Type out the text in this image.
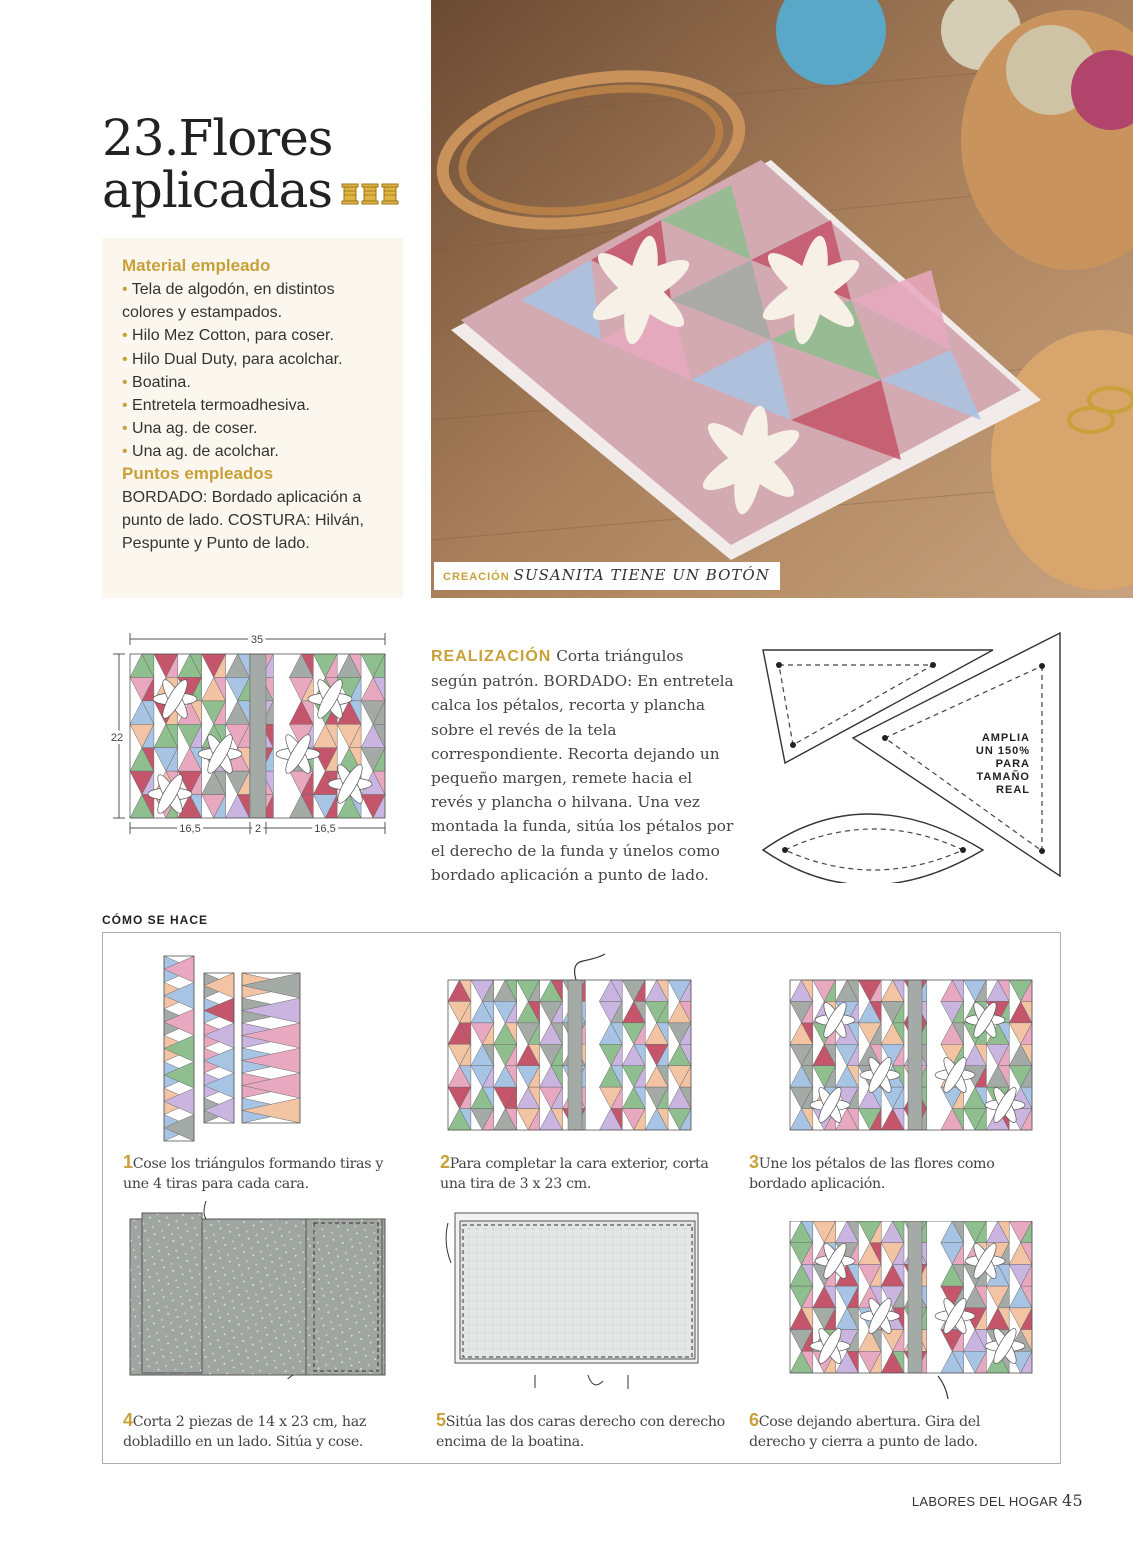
23.Flores
aplicadas
Material empleado
• Tela de algodón, en distintos colores y estampados.
• Hilo Mez Cotton, para coser.
• Hilo Dual Duty, para acolchar.
• Boatina.
• Entretela termoadhesiva.
• Una ag. de coser.
• Una ag. de acolchar.
Puntos empleados
BORDADO: Bordado aplicación a punto de lado. COSTURA: Hilván, Pespunte y Punto de lado.
CREACIÓN SUSANITA TIENE UN BOTÓN
35
22
16,5	2	16,5
REALIZACIÓN Corta triángulos según patrón. BORDADO: En entretela calca los pétalos, recorta y plancha sobre el revés de la tela correspondiente. Recorta dejando un pequeño margen, remete hacia el revés y plancha o hilvana. Una vez montada la funda, sitúa los pétalos por el derecho de la funda y únelos como bordado aplicación a punto de lado.
AMPLIA
UN 150%
PARA
TAMAÑO
REAL
CÓMO SE HACE
1Cose los triángulos formando tiras y une 4 tiras para cada cara.
2Para completar la cara exterior, corta una tira de 3 x 23 cm.
3Une los pétalos de las flores como bordado aplicación.
4Corta 2 piezas de 14 x 23 cm, haz dobladillo en un lado. Sitúa y cose.
5Sitúa las dos caras derecho con derecho encima de la boatina.
6Cose dejando abertura. Gira del derecho y cierra a punto de lado.
LABORES DEL HOGAR 45
